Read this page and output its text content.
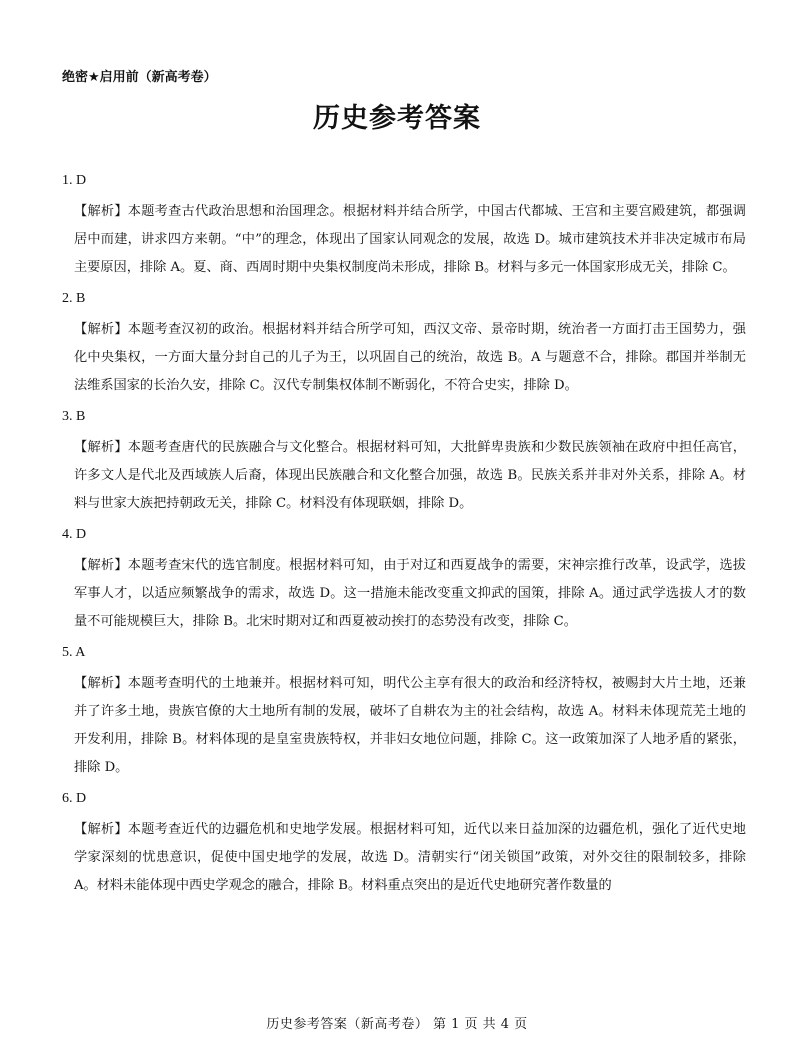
绝密★启用前（新高考卷）
历史参考答案
1. D
【解析】本题考查古代政治思想和治国理念。根据材料并结合所学，中国古代都城、王宫和主要宫殿建筑，都强调居中而建，讲求四方来朝。“中”的理念，体现出了国家认同观念的发展，故选 D。城市建筑技术并非决定城市布局主要原因，排除 A。夏、商、西周时期中央集权制度尚未形成，排除 B。材料与多元一体国家形成无关，排除 C。
2. B
【解析】本题考查汉初的政治。根据材料并结合所学可知，西汉文帝、景帝时期，统治者一方面打击王国势力，强化中央集权，一方面大量分封自己的儿子为王，以巩固自己的统治，故选 B。A 与题意不合，排除。郡国并举制无法维系国家的长治久安，排除 C。汉代专制集权体制不断弱化，不符合史实，排除 D。
3. B
【解析】本题考查唐代的民族融合与文化整合。根据材料可知，大批鲜卑贵族和少数民族领袖在政府中担任高官，许多文人是代北及西域族人后裔，体现出民族融合和文化整合加强，故选 B。民族关系并非对外关系，排除 A。材料与世家大族把持朝政无关，排除 C。材料没有体现联姻，排除 D。
4. D
【解析】本题考查宋代的选官制度。根据材料可知，由于对辽和西夏战争的需要，宋神宗推行改革，设武学，选拔军事人才，以适应频繁战争的需求，故选 D。这一措施未能改变重文抑武的国策，排除 A。通过武学选拔人才的数量不可能规模巨大，排除 B。北宋时期对辽和西夏被动挨打的态势没有改变，排除 C。
5. A
【解析】本题考查明代的土地兼并。根据材料可知，明代公主享有很大的政治和经济特权，被赐封大片土地，还兼并了许多土地，贵族官僚的大土地所有制的发展，破坏了自耕农为主的社会结构，故选 A。材料未体现荒芜土地的开发利用，排除 B。材料体现的是皇室贵族特权，并非妇女地位问题，排除 C。这一政策加深了人地矛盾的紧张，排除 D。
6. D
【解析】本题考查近代的边疆危机和史地学发展。根据材料可知，近代以来日益加深的边疆危机，强化了近代史地学家深刻的忧患意识，促使中国史地学的发展，故选 D。清朝实行“闭关锁国”政策，对外交往的限制较多，排除 A。材料未能体现中西史学观念的融合，排除 B。材料重点突出的是近代史地研究著作数量的
历史参考答案（新高考卷） 第 1 页 共 4 页
